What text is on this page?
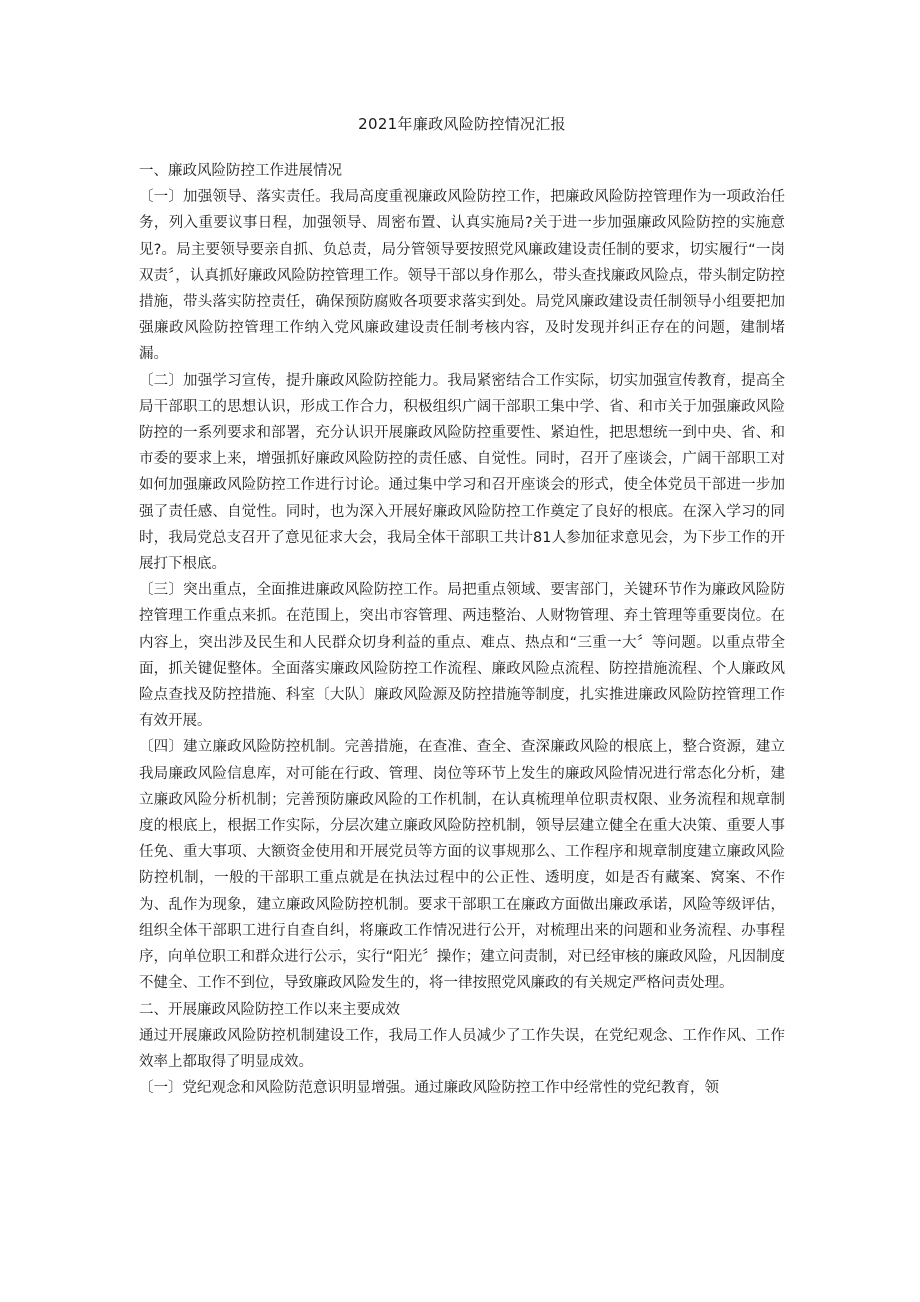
2021年廉政风险防控情况汇报
一、廉政风险防控工作进展情况
〔一〕加强领导、落实责任。我局高度重视廉政风险防控工作，把廉政风险防控管理作为一项政治任务，列入重要议事日程，加强领导、周密布置、认真实施局?关于进一步加强廉政风险防控的实施意见?。局主要领导要亲自抓、负总责，局分管领导要按照党风廉政建设责任制的要求，切实履行“一岗双责〞，认真抓好廉政风险防控管理工作。领导干部以身作那么，带头查找廉政风险点，带头制定防控措施，带头落实防控责任，确保预防腐败各项要求落实到处。局党风廉政建设责任制领导小组要把加强廉政风险防控管理工作纳入党风廉政建设责任制考核内容，及时发现并纠正存在的问题，建制堵漏。
〔二〕加强学习宣传，提升廉政风险防控能力。我局紧密结合工作实际，切实加强宣传教育，提高全局干部职工的思想认识，形成工作合力，积极组织广阔干部职工集中学、省、和市关于加强廉政风险防控的一系列要求和部署，充分认识开展廉政风险防控重要性、紧迫性，把思想统一到中央、省、和市委的要求上来，增强抓好廉政风险防控的责任感、自觉性。同时，召开了座谈会，广阔干部职工对如何加强廉政风险防控工作进行讨论。通过集中学习和召开座谈会的形式，使全体党员干部进一步加强了责任感、自觉性。同时，也为深入开展好廉政风险防控工作奠定了良好的根底。在深入学习的同时，我局党总支召开了意见征求大会，我局全体干部职工共计81人参加征求意见会，为下步工作的开展打下根底。
〔三〕突出重点，全面推进廉政风险防控工作。局把重点领域、要害部门，关键环节作为廉政风险防控管理工作重点来抓。在范围上，突出市容管理、两违整治、人财物管理、弃土管理等重要岗位。在内容上，突出涉及民生和人民群众切身利益的重点、难点、热点和“三重一大〞等问题。以重点带全面，抓关键促整体。全面落实廉政风险防控工作流程、廉政风险点流程、防控措施流程、个人廉政风险点查找及防控措施、科室〔大队〕廉政风险源及防控措施等制度，扎实推进廉政风险防控管理工作有效开展。
〔四〕建立廉政风险防控机制。完善措施，在查准、查全、查深廉政风险的根底上，整合资源，建立我局廉政风险信息库，对可能在行政、管理、岗位等环节上发生的廉政风险情况进行常态化分析，建立廉政风险分析机制；完善预防廉政风险的工作机制，在认真梳理单位职责权限、业务流程和规章制度的根底上，根据工作实际，分层次建立廉政风险防控机制，领导层建立健全在重大决策、重要人事任免、重大事项、大额资金使用和开展党员等方面的议事规那么、工作程序和规章制度建立廉政风险防控机制，一般的干部职工重点就是在执法过程中的公正性、透明度，如是否有藏案、窝案、不作为、乱作为现象，建立廉政风险防控机制。要求干部职工在廉政方面做出廉政承诺，风险等级评估，组织全体干部职工进行自查自纠，将廉政工作情况进行公开，对梳理出来的问题和业务流程、办事程序，向单位职工和群众进行公示，实行“阳光〞操作；建立问责制，对已经审核的廉政风险，凡因制度不健全、工作不到位，导致廉政风险发生的，将一律按照党风廉政的有关规定严格问责处理。
二、开展廉政风险防控工作以来主要成效
通过开展廉政风险防控机制建设工作，我局工作人员减少了工作失误，在党纪观念、工作作风、工作效率上都取得了明显成效。
〔一〕党纪观念和风险防范意识明显增强。通过廉政风险防控工作中经常性的党纪教育，领
